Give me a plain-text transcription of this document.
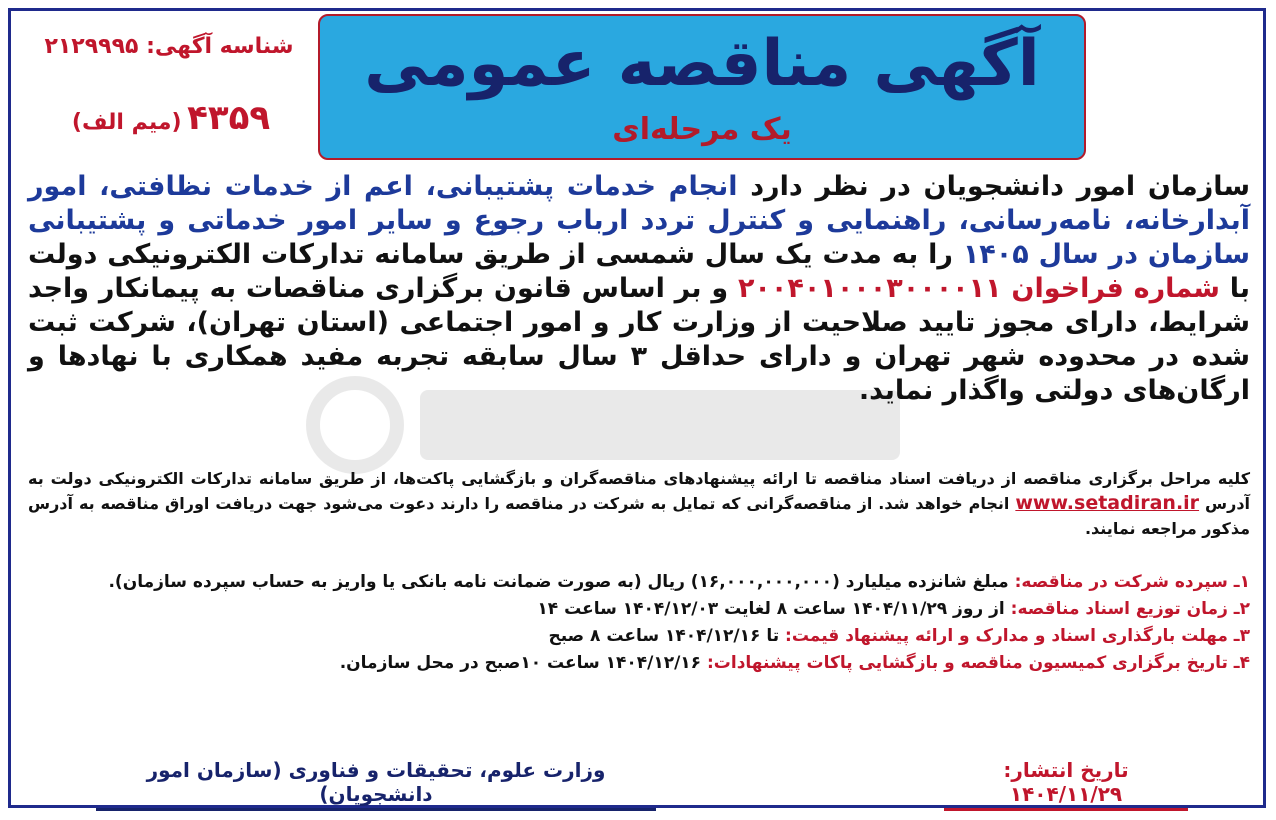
شناسه آگهی: ۲۱۲۹۹۹۵
۴۳۵۹ (میم الف)
آگهی مناقصه عمومی
یک مرحله‌ای
سازمان امور دانشجویان در نظر دارد انجام خدمات پشتیبانی، اعم از خدمات نظافتی، امور آبدارخانه، نامه‌رسانی، راهنمایی و کنترل تردد ارباب رجوع و سایر امور خدماتی و پشتیبانی سازمان در سال ۱۴۰۵ را به مدت یک سال شمسی از طریق سامانه تدارکات الکترونیکی دولت با شماره فراخوان ۲۰۰۴۰۱۰۰۰۳۰۰۰۰۱۱ و بر اساس قانون برگزاری مناقصات به پیمانکار واجد شرایط، دارای مجوز تایید صلاحیت از وزارت کار و امور اجتماعی (استان تهران)، شرکت ثبت شده در محدوده شهر تهران و دارای حداقل ۳ سال سابقه تجربه مفید همکاری با نهادها و ارگان‌های دولتی واگذار نماید.
کلیه مراحل برگزاری مناقصه از دریافت اسناد مناقصه تا ارائه پیشنهادهای مناقصه‌گران و بازگشایی پاکت‌ها، از طریق سامانه تدارکات الکترونیکی دولت به آدرس www.setadiran.ir انجام خواهد شد. از مناقصه‌گرانی که تمایل به شرکت در مناقصه را دارند دعوت می‌شود جهت دریافت اوراق مناقصه به آدرس مذکور مراجعه نمایند.
۱ـ سپرده شرکت در مناقصه: مبلغ شانزده میلیارد (۱۶,۰۰۰,۰۰۰,۰۰۰) ریال (به صورت ضمانت نامه بانکی یا واریز به حساب سپرده سازمان).
۲ـ زمان توزیع اسناد مناقصه: از روز ۱۴۰۴/۱۱/۲۹ ساعت ۸ لغایت ۱۴۰۴/۱۲/۰۳ ساعت ۱۴
۳ـ مهلت بارگذاری اسناد و مدارک و ارائه پیشنهاد قیمت: تا ۱۴۰۴/۱۲/۱۶ ساعت ۸ صبح
۴ـ تاریخ برگزاری کمیسیون مناقصه و بازگشایی پاکات پیشنهادات: ۱۴۰۴/۱۲/۱۶ ساعت ۱۰صبح در محل سازمان.
تاریخ انتشار: ۱۴۰۴/۱۱/۲۹
وزارت علوم، تحقیقات و فناوری (سازمان امور دانشجویان)
